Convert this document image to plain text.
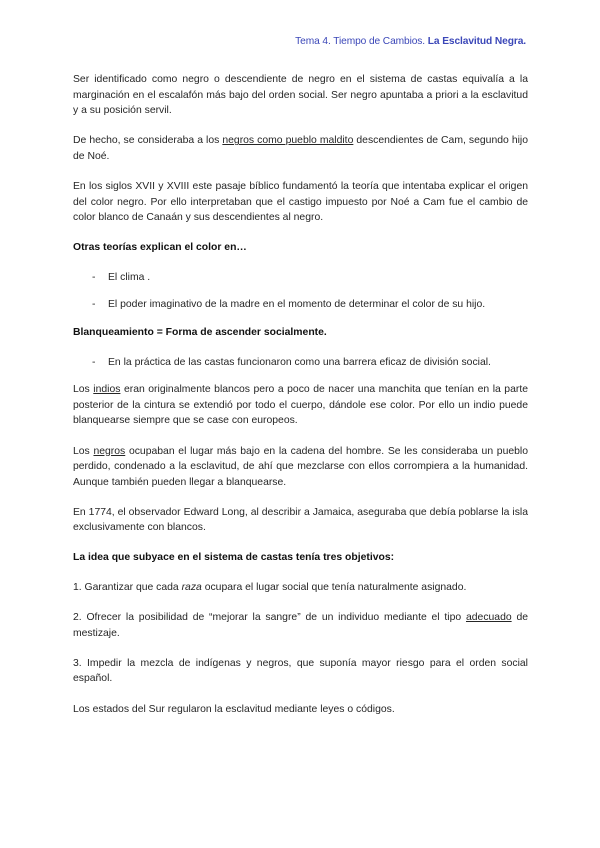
Tema 4. Tiempo de Cambios. La Esclavitud Negra.

Ser identificado como negro o descendiente de negro en el sistema de castas equivalía a la marginación en el escalafón más bajo del orden social. Ser negro apuntaba a priori a la esclavitud y a su posición servil.

De hecho, se consideraba a los negros como pueblo maldito descendientes de Cam, segundo hijo de Noé.

En los siglos XVII y XVIII este pasaje bíblico fundamentó la teoría que intentaba explicar el origen del color negro. Por ello interpretaban que el castigo impuesto por Noé a Cam fue el cambio de color blanco de Canaán y sus descendientes al negro.

Otras teorías explican el color en…
- El clima .
- El poder imaginativo de la madre en el momento de determinar el color de su hijo.
Blanqueamiento = Forma de ascender socialmente.
- En la práctica de las castas funcionaron como una barrera eficaz de división social.

Los indios eran originalmente blancos pero a poco de nacer una manchita que tenían en la parte posterior de la cintura se extendió por todo el cuerpo, dándole ese color. Por ello un indio puede blanquearse siempre que se case con europeos.

Los negros ocupaban el lugar más bajo en la cadena del hombre. Se les consideraba un pueblo perdido, condenado a la esclavitud, de ahí que mezclarse con ellos corrompiera a la humanidad. Aunque también pueden llegar a blanquearse.

En 1774, el observador Edward Long, al describir a Jamaica, aseguraba que debía poblarse la isla exclusivamente con blancos.

La idea que subyace en el sistema de castas tenía tres objetivos:

1. Garantizar que cada raza ocupara el lugar social que tenía naturalmente asignado.

2. Ofrecer la posibilidad de “mejorar la sangre” de un individuo mediante el tipo adecuado de mestizaje.

3. Impedir la mezcla de indígenas y negros, que suponía mayor riesgo para el orden social español.

Los estados del Sur regularon la esclavitud mediante leyes o códigos.
